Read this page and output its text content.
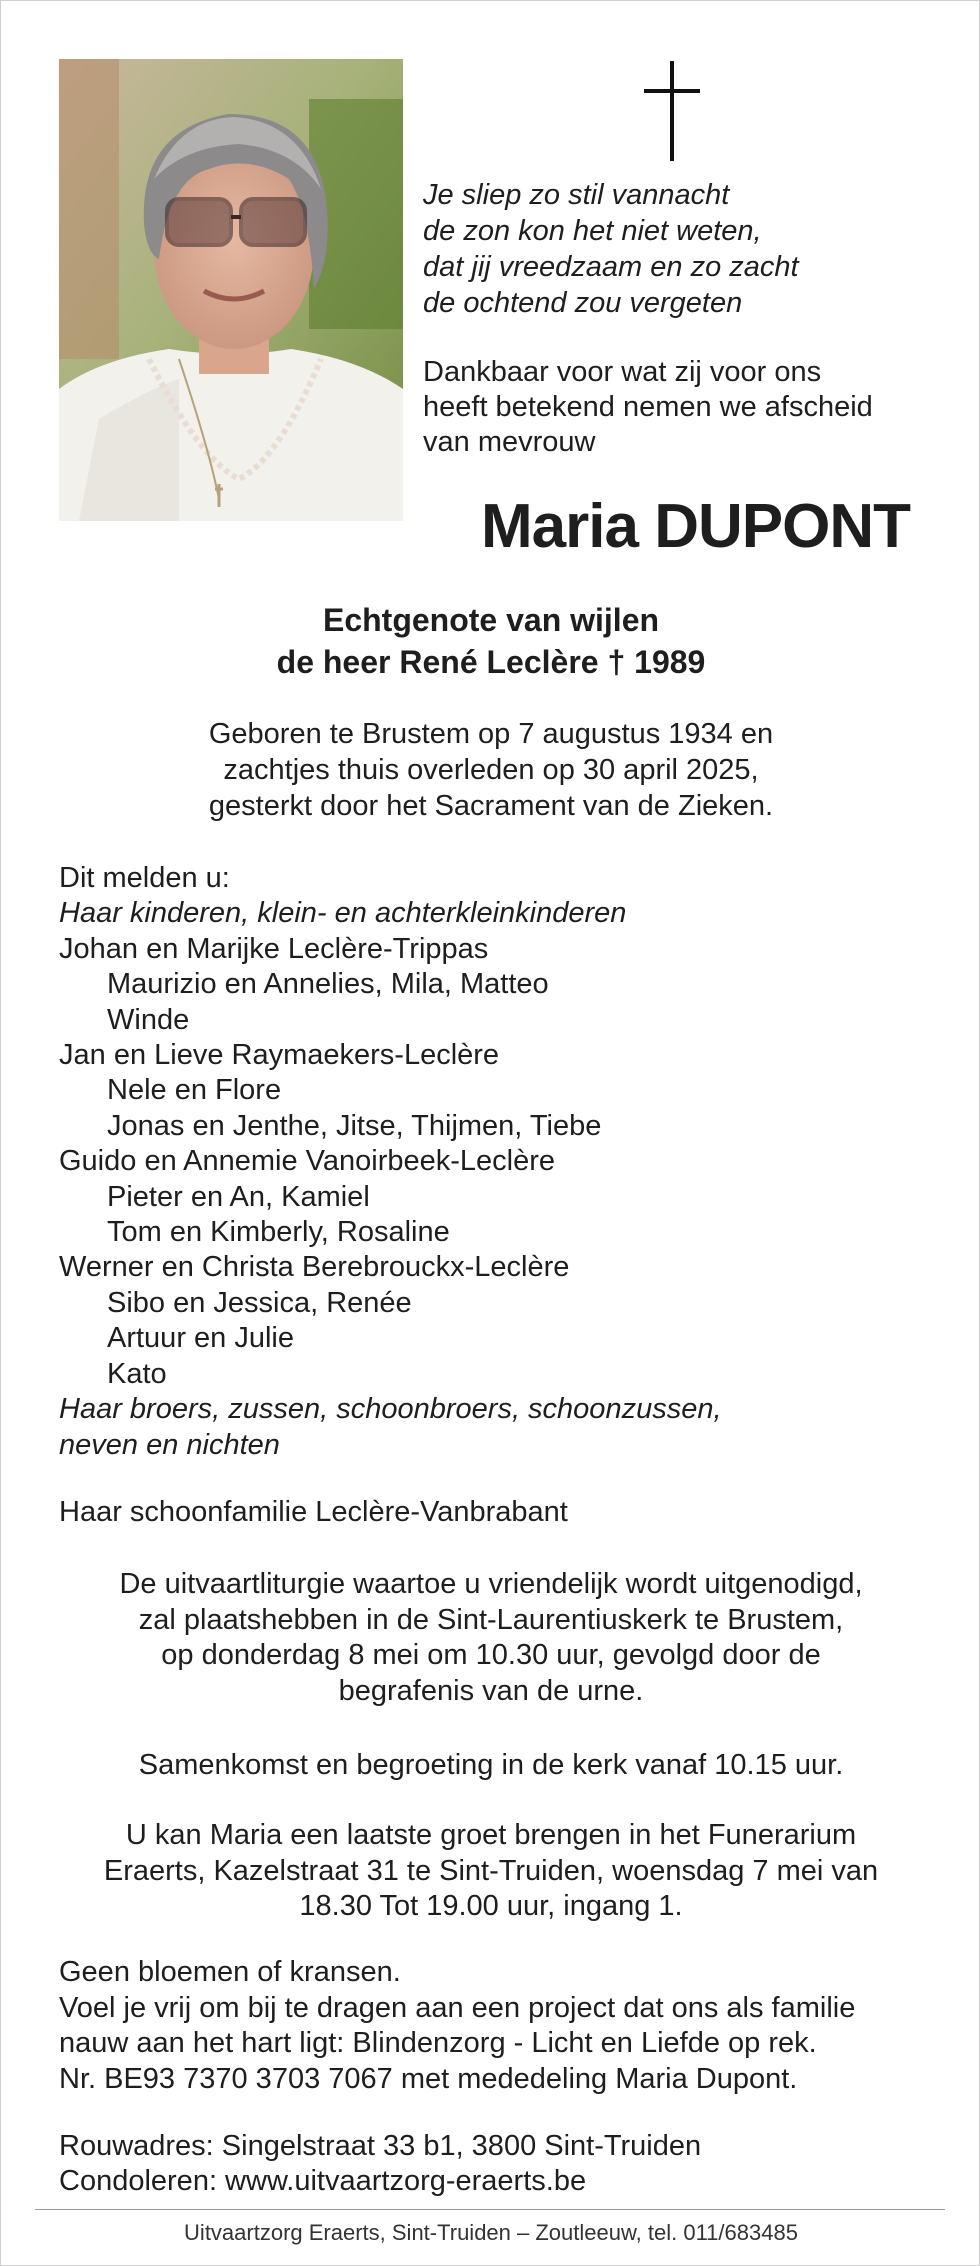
Je sliep zo stil vannacht
de zon kon het niet weten,
dat jij vreedzaam en zo zacht
de ochtend zou vergeten
Dankbaar voor wat zij voor ons
heeft betekend nemen we afscheid
van mevrouw
Maria DUPONT
Echtgenote van wijlen
de heer René Leclère † 1989
Geboren te Brustem op 7 augustus 1934 en
zachtjes thuis overleden op 30 april 2025,
gesterkt door het Sacrament van de Zieken.
Dit melden u:
Haar kinderen, klein- en achterkleinkinderen
Johan en Marijke Leclère-Trippas
Maurizio en Annelies, Mila, Matteo
Winde
Jan en Lieve Raymaekers-Leclère
Nele en Flore
Jonas en Jenthe, Jitse, Thijmen, Tiebe
Guido en Annemie Vanoirbeek-Leclère
Pieter en An, Kamiel
Tom en Kimberly, Rosaline
Werner en Christa Berebrouckx-Leclère
Sibo en Jessica, Renée
Artuur en Julie
Kato
Haar broers, zussen, schoonbroers, schoonzussen,
neven en nichten
Haar schoonfamilie Leclère-Vanbrabant
De uitvaartliturgie waartoe u vriendelijk wordt uitgenodigd,
zal plaatshebben in de Sint-Laurentiuskerk te Brustem,
op donderdag 8 mei om 10.30 uur, gevolgd door de
begrafenis van de urne.
Samenkomst en begroeting in de kerk vanaf 10.15 uur.
U kan Maria een laatste groet brengen in het Funerarium
Eraerts, Kazelstraat 31 te Sint-Truiden, woensdag 7 mei van
18.30 Tot 19.00 uur, ingang 1.
Geen bloemen of kransen.
Voel je vrij om bij te dragen aan een project dat ons als familie
nauw aan het hart ligt: Blindenzorg - Licht en Liefde op rek.
Nr. BE93 7370 3703 7067 met mededeling Maria Dupont.
Rouwadres: Singelstraat 33 b1, 3800 Sint-Truiden
Condoleren: www.uitvaartzorg-eraerts.be
Uitvaartzorg Eraerts, Sint-Truiden – Zoutleeuw, tel. 011/683485
